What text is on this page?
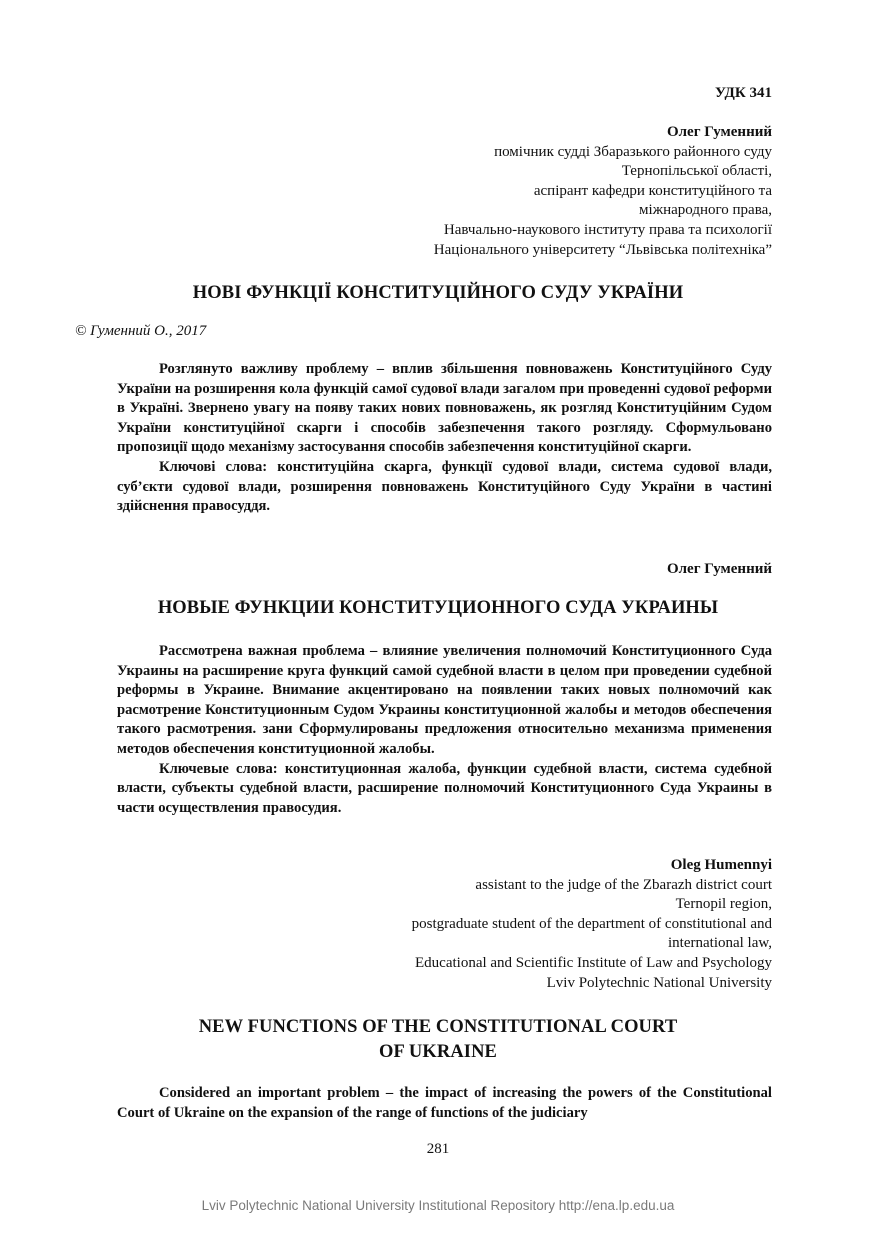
УДК 341
Олег Гуменний
помічник судді Збаразького районного суду
Тернопільської області,
аспірант кафедри конституційного та
міжнародного права,
Навчально-наукового інституту права та психології
Національного університету “Львівська політехніка”
НОВІ ФУНКЦІЇ КОНСТИТУЦІЙНОГО СУДУ УКРАЇНИ
© Гуменний О., 2017

Розглянуто важливу проблему – вплив збільшення повноважень Конституційного Суду України на розширення кола функцій самої судової влади загалом при проведенні судової реформи в Україні. Звернено увагу на появу таких нових повноважень, як розгляд Конституційним Судом України конституційної скарги і способів забезпечення такого розгляду. Сформульовано пропозиції щодо механізму застосування способів забезпечення конституційної скарги.

Ключові слова: конституційна скарга, функції судової влади, система судової влади, суб’єкти судової влади, розширення повноважень Конституційного Суду України в частині здійснення правосуддя.

Олег Гуменний
НОВЫЕ ФУНКЦИИ КОНСТИТУЦИОННОГО СУДА УКРАИНЫ

Рассмотрена важная проблема – влияние увеличения полномочий Конституционного Суда Украины на расширение круга функций самой судебной власти в целом при проведении судебной реформы в Украине. Внимание акцентировано на появлении таких новых полномочий как расмотрение Конституционным Судом Украины конституционной жалобы и методов обеспечения такого расмотрения. зани Сформулированы предложения относительно механизма применения методов обеспечения конституционной жалобы.

Ключевые слова: конституционная жалоба, функции судебной власти, система судебной власти, субъекты судебной власти, расширение полномочий Конституционного Суда Украины в части осуществления правосудия.

Oleg Humennyi
assistant to the judge of the Zbarazh district court
Ternopil region,
postgraduate student of the department of constitutional and
international law,
Educational and Scientific Institute of Law and Psychology
Lviv Polytechnic National University
NEW FUNCTIONS OF THE CONSTITUTIONAL COURT
OF UKRAINE

Considered an important problem – the impact of increasing the powers of the Constitutional Court of Ukraine on the expansion of the range of functions of the judiciary

281
Lviv Polytechnic National University Institutional Repository http://ena.lp.edu.ua
